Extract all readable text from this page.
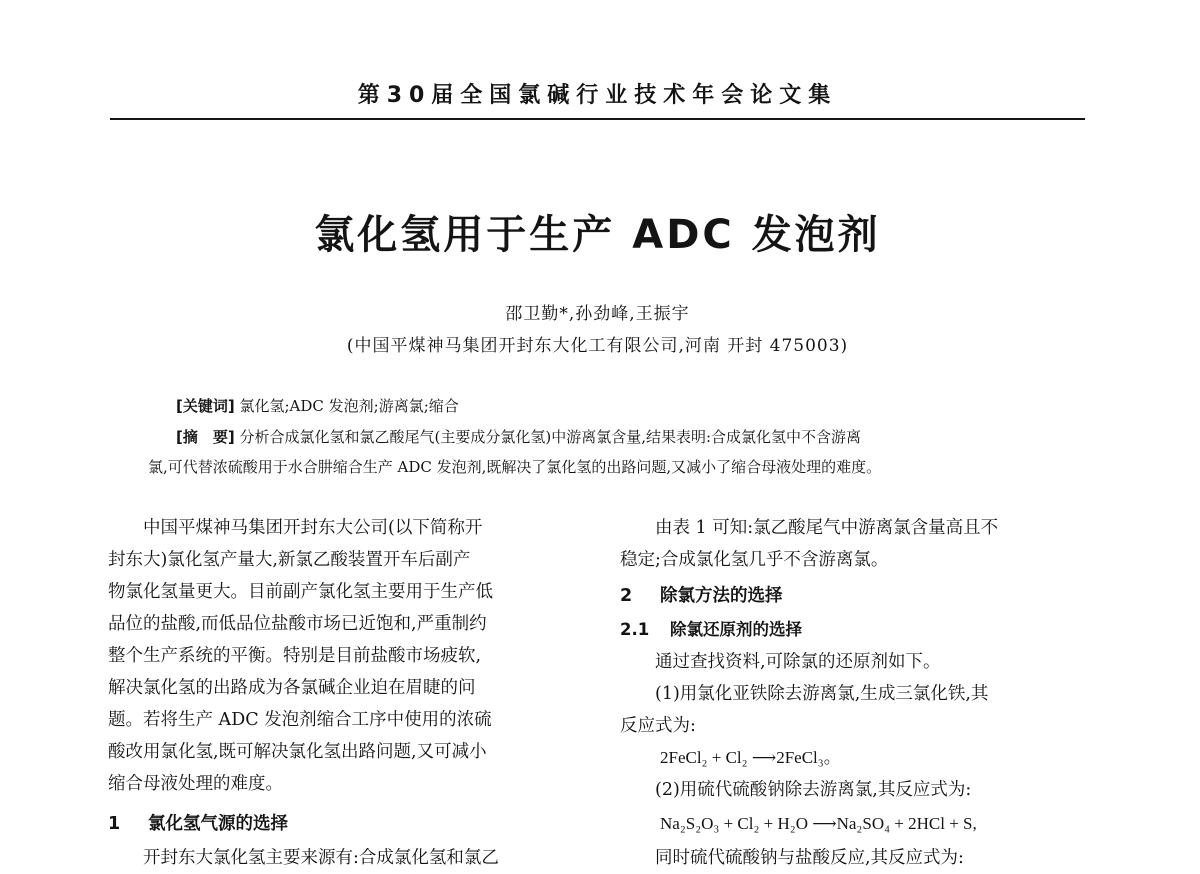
第30届全国氯碱行业技术年会论文集
氯化氢用于生产 ADC 发泡剂
邵卫勤*,孙劲峰,王振宇
(中国平煤神马集团开封东大化工有限公司,河南 开封 475003)
[关键词] 氯化氢;ADC 发泡剂;游离氯;缩合
[摘　要] 分析合成氯化氢和氯乙酸尾气(主要成分氯化氢)中游离氯含量,结果表明:合成氯化氢中不含游离
氯,可代替浓硫酸用于水合肼缩合生产 ADC 发泡剂,既解决了氯化氢的出路问题,又减小了缩合母液处理的难度。
　　中国平煤神马集团开封东大公司(以下简称开
封东大)氯化氢产量大,新氯乙酸装置开车后副产
物氯化氢量更大。目前副产氯化氢主要用于生产低
品位的盐酸,而低品位盐酸市场已近饱和,严重制约
整个生产系统的平衡。特别是目前盐酸市场疲软,
解决氯化氢的出路成为各氯碱企业迫在眉睫的问
题。若将生产 ADC 发泡剂缩合工序中使用的浓硫
酸改用氯化氢,既可解决氯化氢出路问题,又可减小
缩合母液处理的难度。
1 氯化氢气源的选择
　　开封东大氯化氢主要来源有:合成氯化氢和氯乙
　　由表 1 可知:氯乙酸尾气中游离氯含量高且不
稳定;合成氯化氢几乎不含游离氯。
2 除氯方法的选择
2.1 除氯还原剂的选择
　　通过查找资料,可除氯的还原剂如下。
　　(1)用氯化亚铁除去游离氯,生成三氯化铁,其
反应式为:
2FeCl₂ + Cl₂ ⟶2FeCl₃。
　　(2)用硫代硫酸钠除去游离氯,其反应式为:
Na₂S₂O₃ + Cl₂ + H₂O ⟶Na₂SO₄ + 2HCl + S,
　　同时硫代硫酸钠与盐酸反应,其反应式为:
